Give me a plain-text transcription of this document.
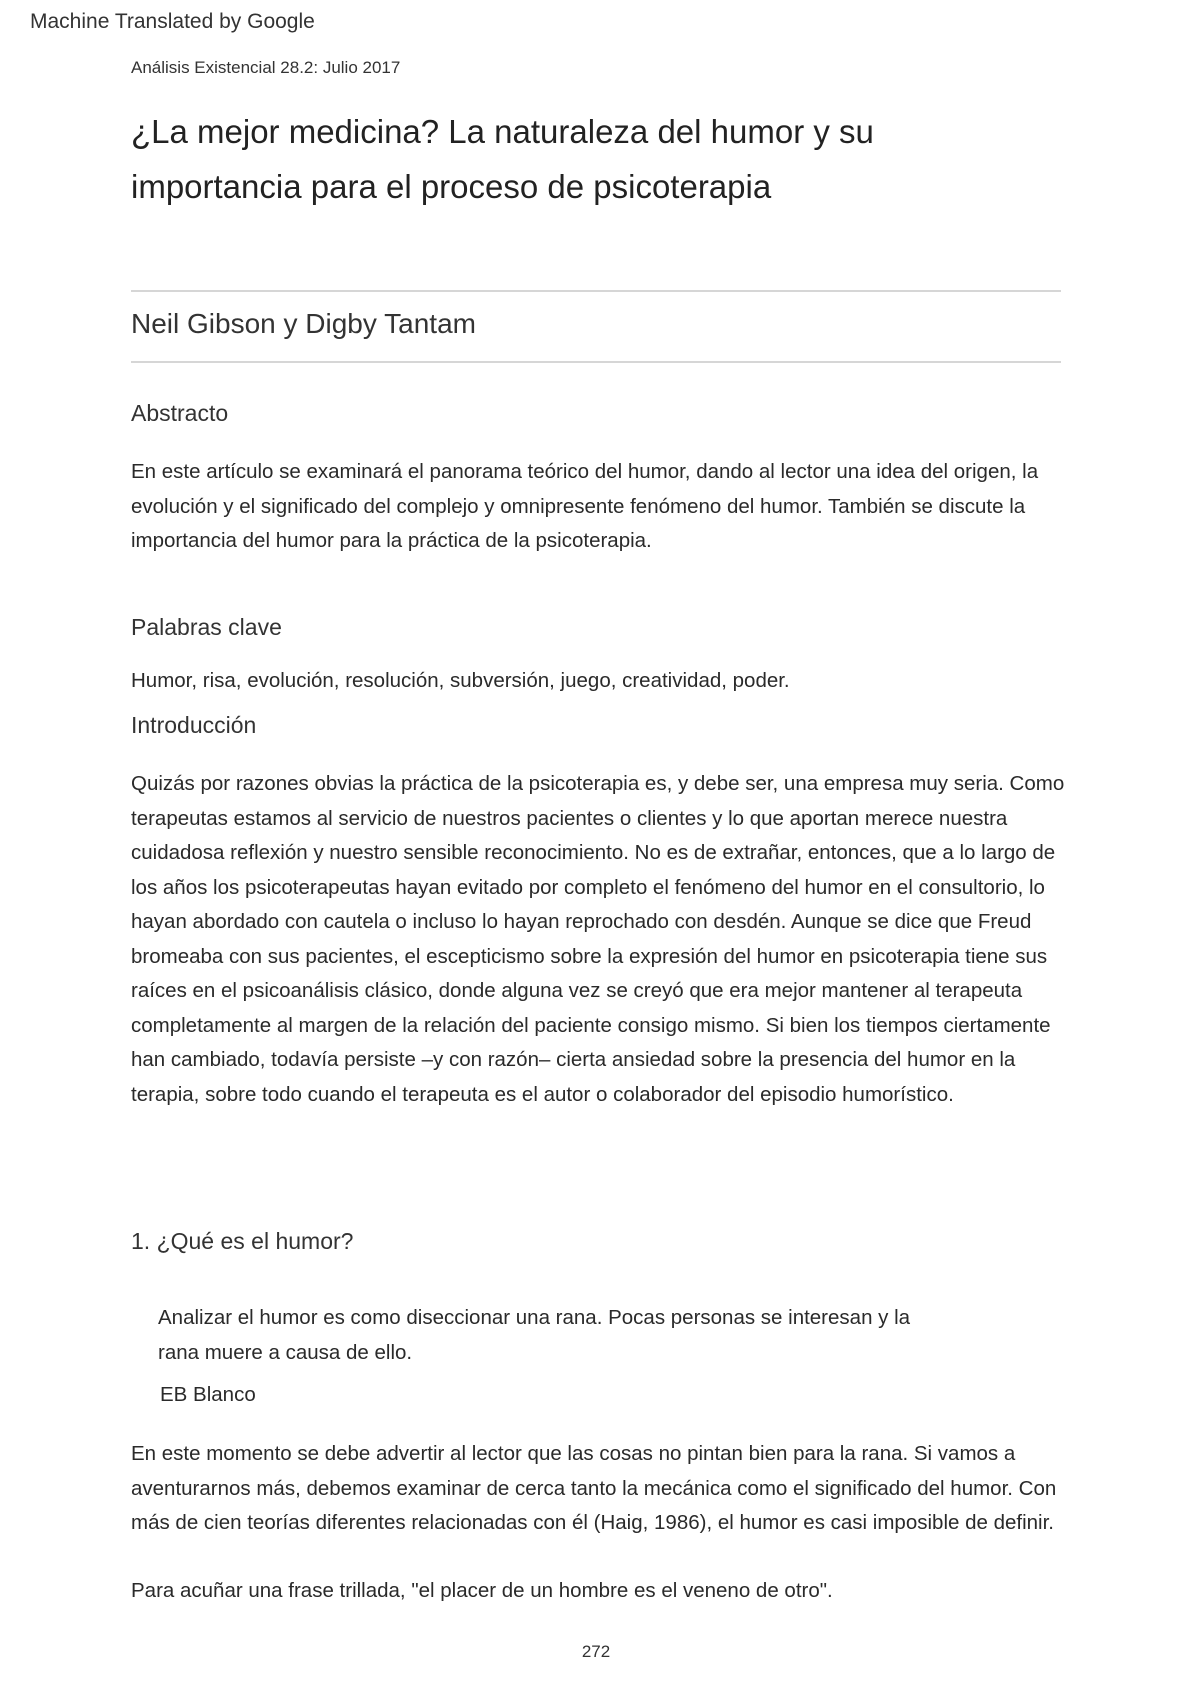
Machine Translated by Google
Análisis Existencial 28.2: Julio 2017
¿La mejor medicina? La naturaleza del humor y su importancia para el proceso de psicoterapia
Neil Gibson y Digby Tantam
Abstracto

En este artículo se examinará el panorama teórico del humor, dando al lector una idea del origen, la evolución y el significado del complejo y omnipresente fenómeno del humor. También se discute la importancia del humor para la práctica de la psicoterapia.

Palabras clave

Humor, risa, evolución, resolución, subversión, juego, creatividad, poder.

Introducción

Quizás por razones obvias la práctica de la psicoterapia es, y debe ser, una empresa muy seria. Como terapeutas estamos al servicio de nuestros pacientes o clientes y lo que aportan merece nuestra cuidadosa reflexión y nuestro sensible reconocimiento. No es de extrañar, entonces, que a lo largo de los años los psicoterapeutas hayan evitado por completo el fenómeno del humor en el consultorio, lo hayan abordado con cautela o incluso lo hayan reprochado con desdén. Aunque se dice que Freud bromeaba con sus pacientes, el escepticismo sobre la expresión del humor en psicoterapia tiene sus raíces en el psicoanálisis clásico, donde alguna vez se creyó que era mejor mantener al terapeuta completamente al margen de la relación del paciente consigo mismo. Si bien los tiempos ciertamente han cambiado, todavía persiste –y con razón– cierta ansiedad sobre la presencia del humor en la terapia, sobre todo cuando el terapeuta es el autor o colaborador del episodio humorístico.

1. ¿Qué es el humor?

Analizar el humor es como diseccionar una rana. Pocas personas se interesan y la rana muere a causa de ello.

EB Blanco

En este momento se debe advertir al lector que las cosas no pintan bien para la rana. Si vamos a aventurarnos más, debemos examinar de cerca tanto la mecánica como el significado del humor. Con más de cien teorías diferentes relacionadas con él (Haig, 1986), el humor es casi imposible de definir.

Para acuñar una frase trillada, "el placer de un hombre es el veneno de otro".

272
